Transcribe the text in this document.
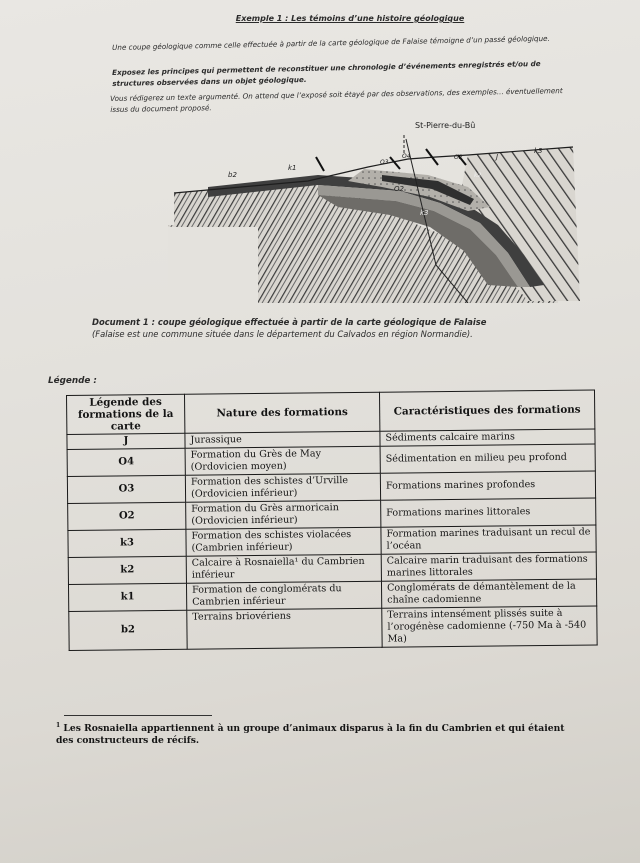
Exemple 1 : Les témoins d’une histoire géologique
Une coupe géologique comme celle effectuée à partir de la carte géologique de Falaise témoigne d’un passé géologique.
Exposez les principes qui permettent de reconstituer une chronologie d’événements enregistrés et/ou de structures observées dans un objet géologique.
Vous rédigerez un texte argumenté. On attend que l’exposé soit étayé par des observations, des exemples... éventuellement issus du document proposé.
St-Pierre-du-Bû
b2
k1
O3
O4	O2	J
k3
k2
O2
k3
Document 1 : coupe géologique effectuée à partir de la carte géologique de Falaise
(Falaise est une commune située dans le département du Calvados en région Normandie).
Légende :
Légende des formations de la carte	Nature des formations	Caractéristiques des formations
J	Jurassique	Sédiments calcaire marins
O4	Formation du Grès de May (Ordovicien moyen)	Sédimentation en milieu peu profond
O3	Formation des schistes d’Urville (Ordovicien inférieur)	Formations marines profondes
O2	Formation du Grès armoricain (Ordovicien inférieur)	Formations marines littorales
k3	Formation des schistes violacées (Cambrien inférieur)	Formation marines traduisant un recul de l’océan
k2	Calcaire à Rosnaiella¹ du Cambrien inférieur	Calcaire marin traduisant des formations marines littorales
k1	Formation de conglomérats du Cambrien inférieur	Conglomérats de démantèlement de la chaîne cadomienne
b2	Terrains briovériens	Terrains intensément plissés suite à l’orogénèse cadomienne (-750 Ma à -540 Ma)
$^1$ Les Rosnaiella appartiennent à un groupe d’animaux disparus à la fin du Cambrien et qui étaient des constructeurs de récifs.
